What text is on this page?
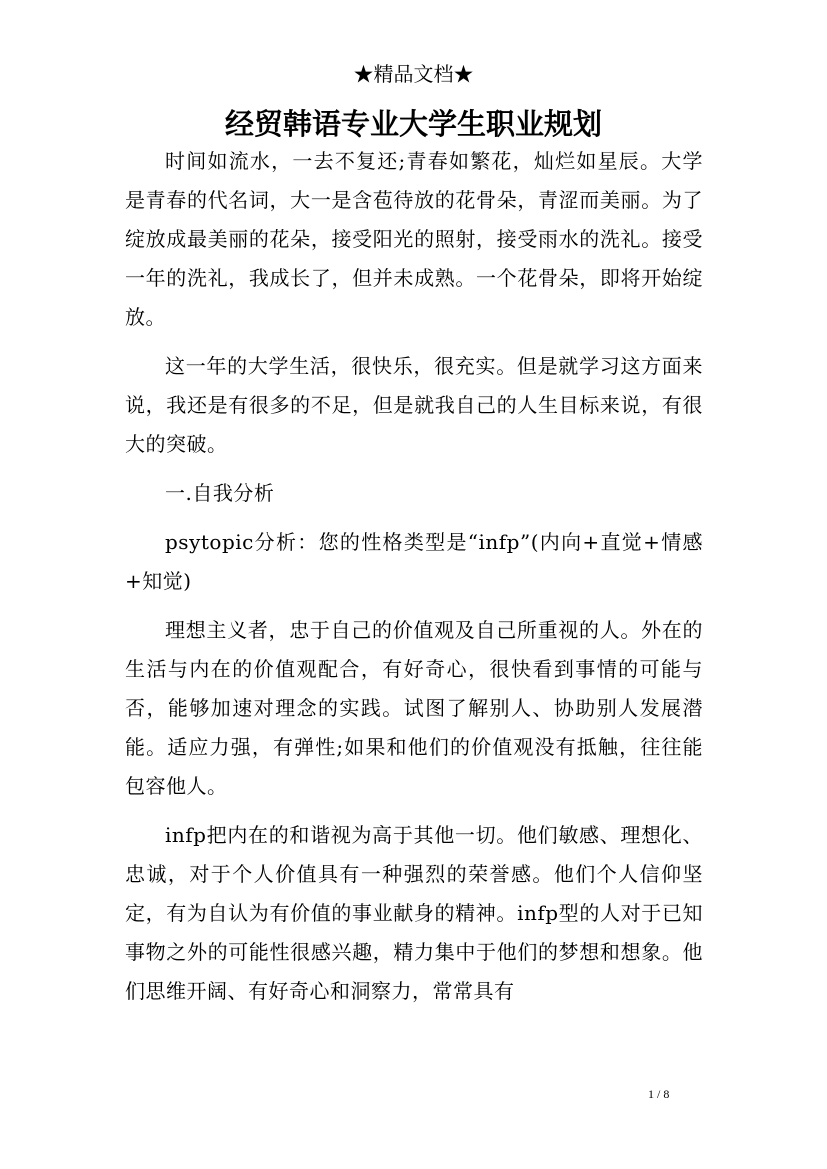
★精品文档★
经贸韩语专业大学生职业规划

时间如流水，一去不复还;青春如繁花，灿烂如星辰。大学是青春的代名词，大一是含苞待放的花骨朵，青涩而美丽。为了绽放成最美丽的花朵，接受阳光的照射，接受雨水的洗礼。接受一年的洗礼，我成长了，但并未成熟。一个花骨朵，即将开始绽放。

这一年的大学生活，很快乐，很充实。但是就学习这方面来说，我还是有很多的不足，但是就我自己的人生目标来说，有很大的突破。

一.自我分析

psytopic分析：您的性格类型是“infp”(内向+直觉+情感+知觉)

理想主义者，忠于自己的价值观及自己所重视的人。外在的生活与内在的价值观配合，有好奇心，很快看到事情的可能与否，能够加速对理念的实践。试图了解别人、协助别人发展潜能。适应力强，有弹性;如果和他们的价值观没有抵触，往往能包容他人。

infp把内在的和谐视为高于其他一切。他们敏感、理想化、忠诚，对于个人价值具有一种强烈的荣誉感。他们个人信仰坚定，有为自认为有价值的事业献身的精神。infp型的人对于已知事物之外的可能性很感兴趣，精力集中于他们的梦想和想象。他们思维开阔、有好奇心和洞察力，常常具有

1 / 8
